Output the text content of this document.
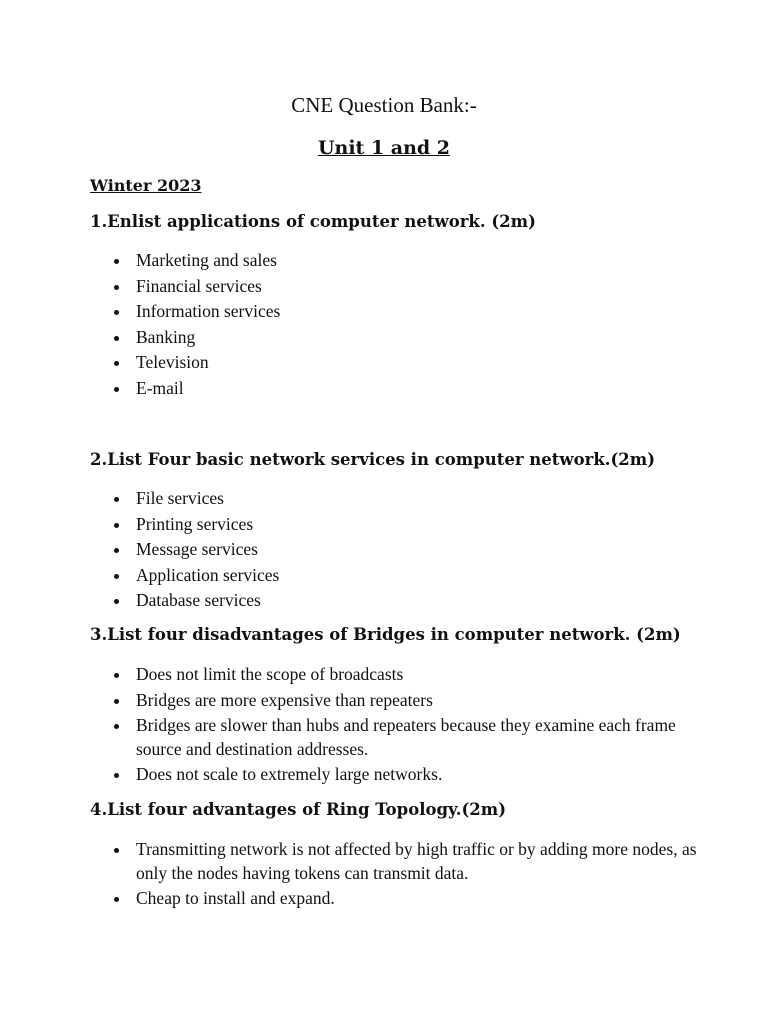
CNE Question Bank:-
Unit 1 and 2
Winter 2023
1.Enlist applications of computer network. (2m)
Marketing and sales
Financial services
Information services
Banking
Television
E-mail
2.List Four basic network services in computer network.(2m)
File services
Printing services
Message services
Application services
Database services
3.List four disadvantages of Bridges in computer network. (2m)
Does not limit the scope of broadcasts
Bridges are more expensive than repeaters
Bridges are slower than hubs and repeaters because they examine each frame source and destination addresses.
Does not scale to extremely large networks.
4.List four advantages of Ring Topology.(2m)
Transmitting network is not affected by high traffic or by adding more nodes, as only the nodes having tokens can transmit data.
Cheap to install and expand.
